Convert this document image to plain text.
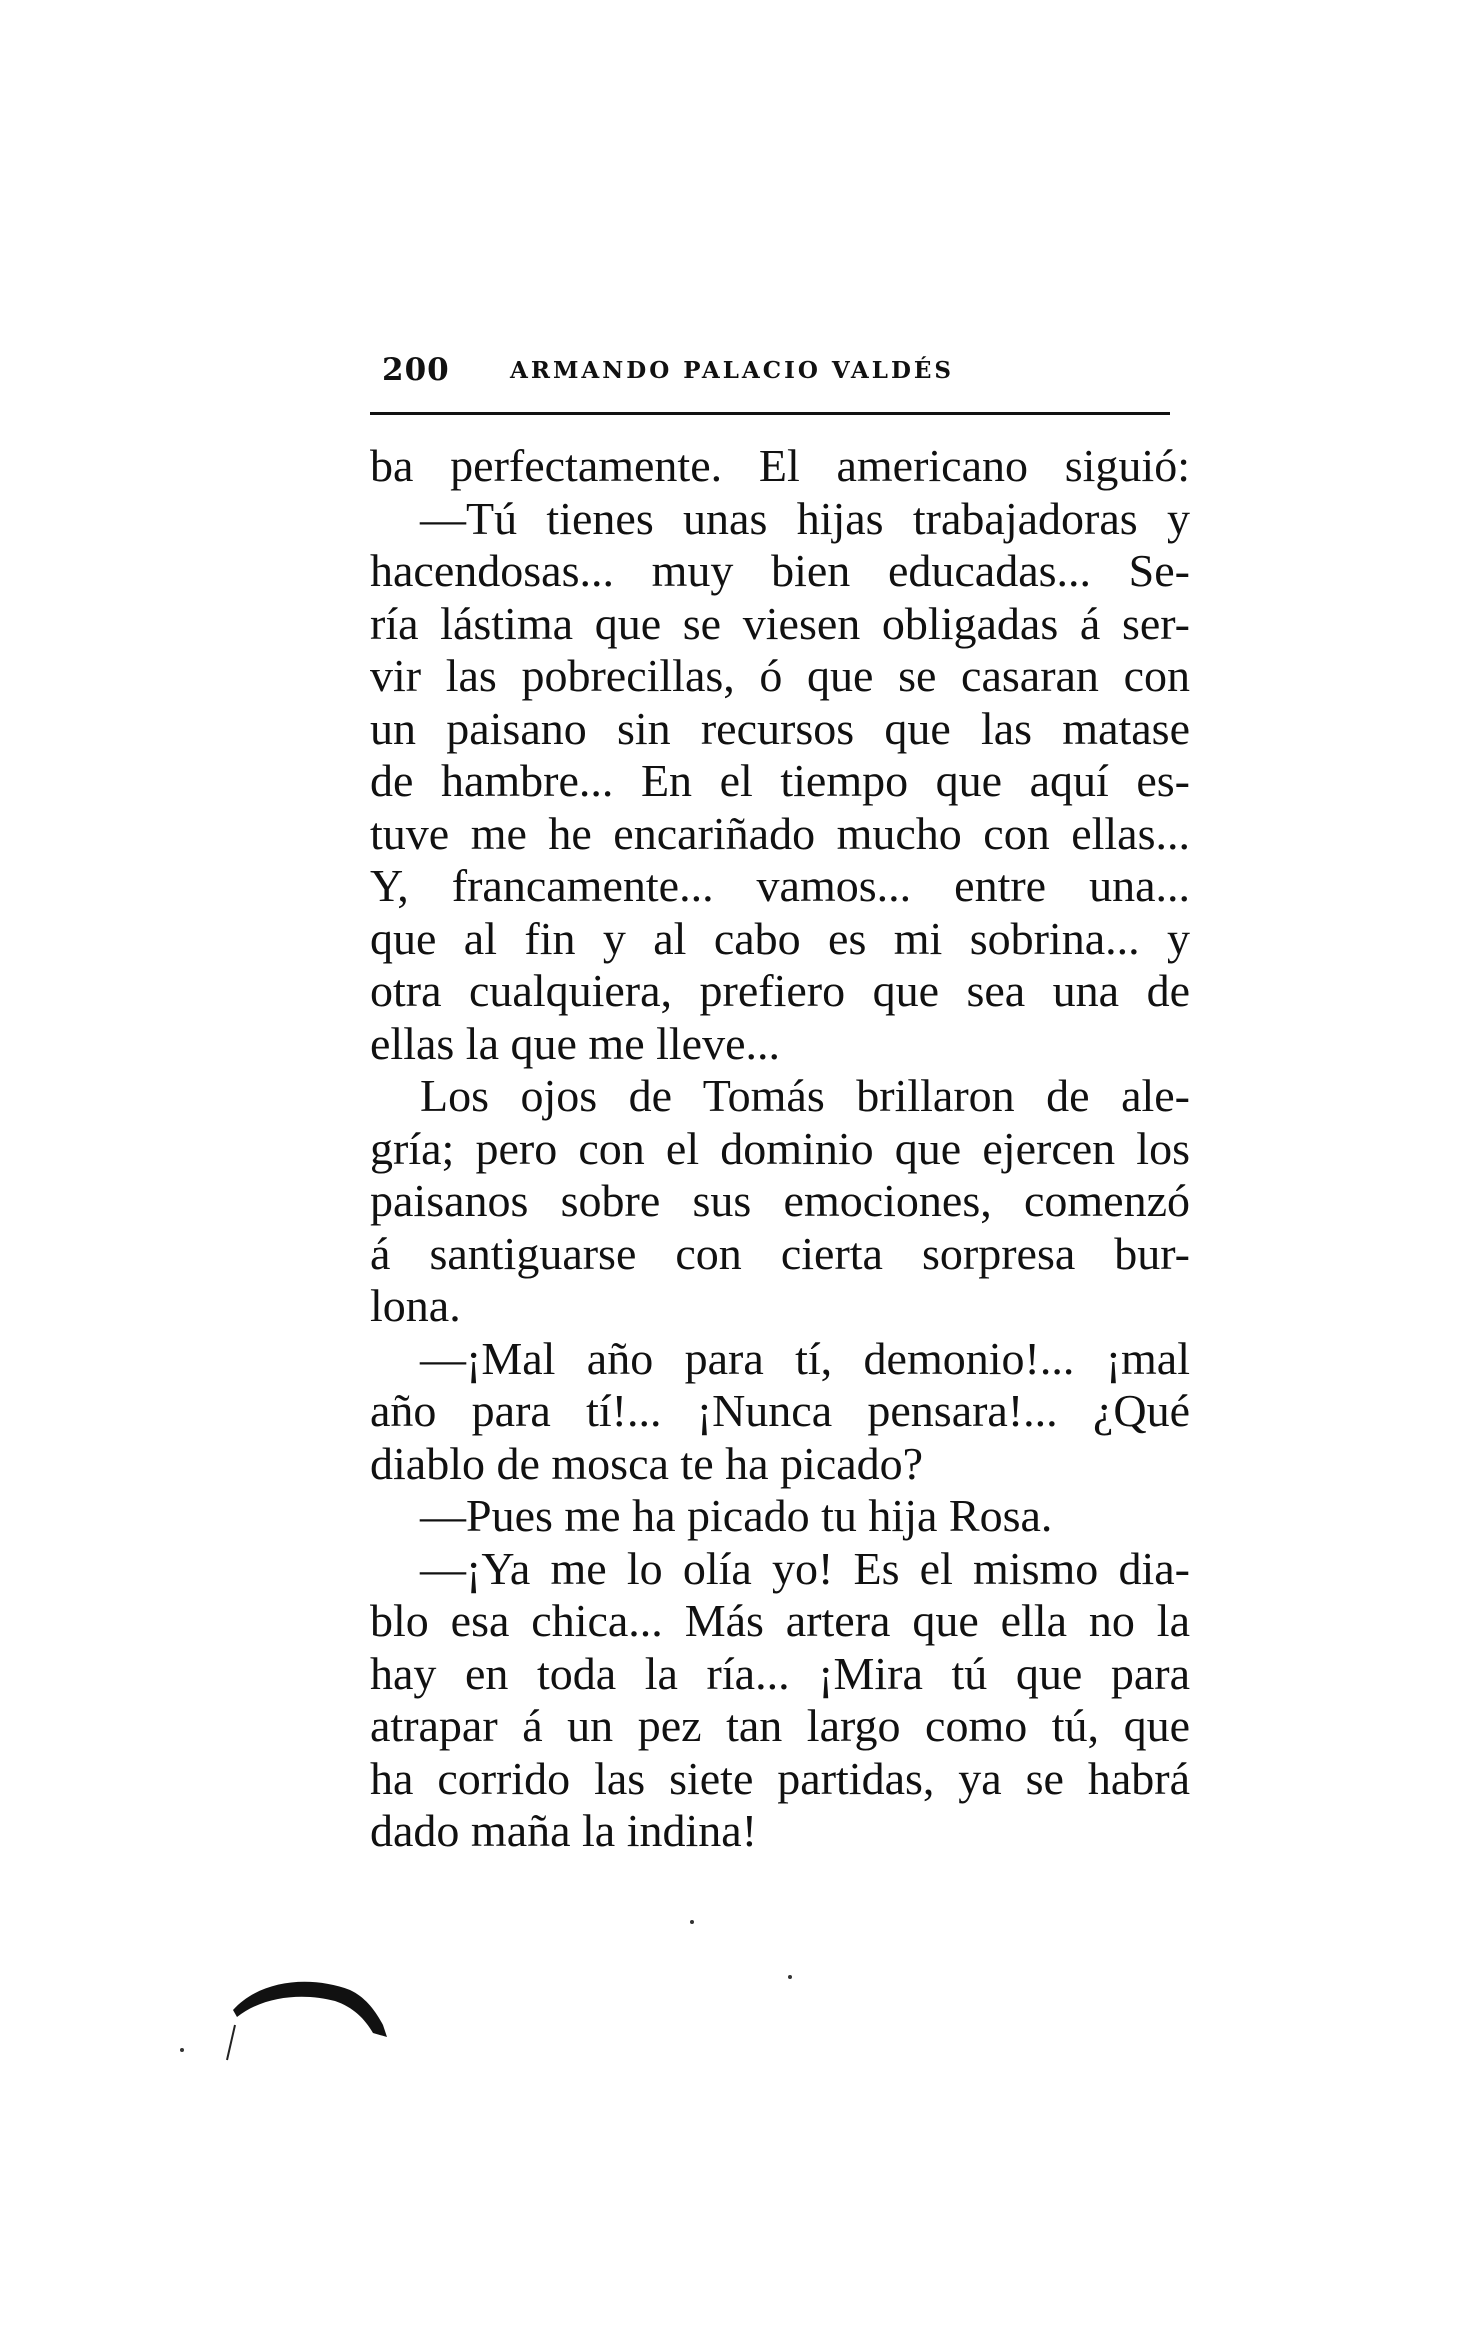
200	ARMANDO PALACIO VALDÉS
ba perfectamente. El americano siguió:
—Tú tienes unas hijas trabajadoras y
hacendosas... muy bien educadas... Se-
ría lástima que se viesen obligadas á ser-
vir las pobrecillas, ó que se casaran con
un paisano sin recursos que las matase
de hambre... En el tiempo que aquí es-
tuve me he encariñado mucho con ellas...
Y, francamente... vamos... entre una...
que al fin y al cabo es mi sobrina... y
otra cualquiera, prefiero que sea una de
ellas la que me lleve...
Los ojos de Tomás brillaron de ale-
gría; pero con el dominio que ejercen los
paisanos sobre sus emociones, comenzó
á santiguarse con cierta sorpresa bur-
lona.
—¡Mal año para tí, demonio!... ¡mal
año para tí!... ¡Nunca pensara!... ¿Qué
diablo de mosca te ha picado?
—Pues me ha picado tu hija Rosa.
—¡Ya me lo olía yo! Es el mismo dia-
blo esa chica... Más artera que ella no la
hay en toda la ría... ¡Mira tú que para
atrapar á un pez tan largo como tú, que
ha corrido las siete partidas, ya se habrá
dado maña la indina!
